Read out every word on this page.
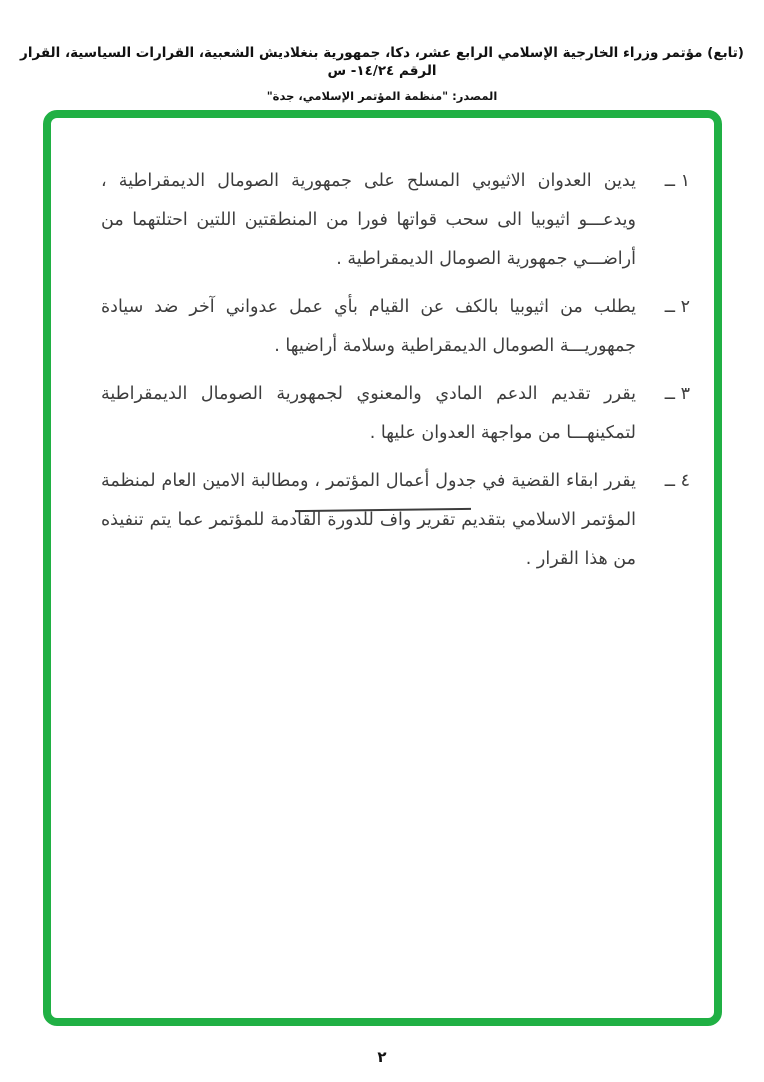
(تابع) مؤتمر وزراء الخارجية الإسلامي الرابع عشر، دكا، جمهورية بنغلاديش الشعبية، القرارات السياسية، القرار الرقم ١٤/٢٤- س
المصدر: "منظمة المؤتمر الإسلامي، جدة"
١ ــ
يدين العدوان الاثيوبي المسلح على جمهورية الصومال الديمقراطية ، ويدعـــو اثيوبيا الى سحب قواتها فورا من المنطقتين اللتين احتلتهما من أراضـــي جمهورية الصومال الديمقراطية .
٢ ــ
يطلب من اثيوبيا بالكف عن القيام بأي عمل عدواني آخر ضد سيادة جمهوريـــة الصومال الديمقراطية وسلامة أراضيها .
٣ ــ
يقرر تقديم الدعم المادي والمعنوي لجمهورية الصومال الديمقراطية لتمكينهـــا من مواجهة العدوان عليها .
٤ ــ
يقرر ابقاء القضية في جدول أعمال المؤتمر ، ومطالبة الامين العام لمنظمة المؤتمر الاسلامي بتقديم تقرير واف للدورة القادمة للمؤتمر عما يتم تنفيذه من هذا القرار .
٢
